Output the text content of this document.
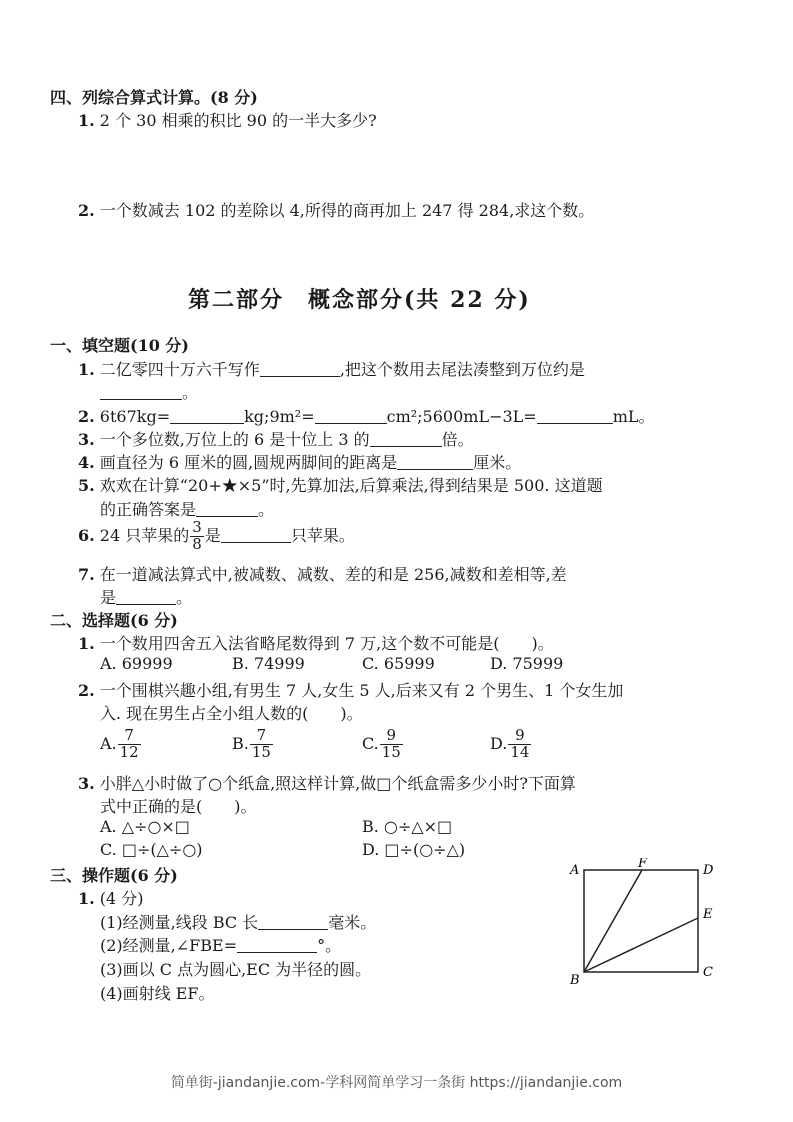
四、列综合算式计算。(8 分)
1. 2 个 30 相乘的积比 90 的一半大多少?
2. 一个数减去 102 的差除以 4,所得的商再加上 247 得 284,求这个数。
第二部分　概念部分(共 22 分)
一、填空题(10 分)
1. 二亿零四十万六千写作	,把这个数用去尾法凑整到万位约是
。
2. 6t67kg=	kg;9m²=	cm²;5600mL−3L=	mL。
3. 一个多位数,万位上的 6 是十位上 3 的	倍。
4. 画直径为 6 厘米的圆,圆规两脚间的距离是	厘米。
5. 欢欢在计算“20+★×5”时,先算加法,后算乘法,得到结果是 500. 这道题
的正确答案是	。
6. 24 只苹果的 $\frac{3}{8}$ 是	只苹果。
7. 在一道减法算式中,被减数、减数、差的和是 256,减数和差相等,差
是	。
二、选择题(6 分)
1. 一个数用四舍五入法省略尾数得到 7 万,这个数不可能是(　　)。
A. 69999	B. 74999	C. 65999	D. 75999
2. 一个围棋兴趣小组,有男生 7 人,女生 5 人,后来又有 2 个男生、1 个女生加
入. 现在男生占全小组人数的(　　)。
A. $\frac{7}{12}$	B. $\frac{7}{15}$	C. $\frac{9}{15}$	D. $\frac{9}{14}$
3. 小胖△小时做了○个纸盒,照这样计算,做□个纸盒需多少小时?下面算
式中正确的是(　　)。
A. △÷○×□	B. ○÷△×□
C. □÷(△÷○)	D. □÷(○÷△)
三、操作题(6 分)
1. (4 分)
(1)经测量,线段 BC 长	毫米。
(2)经测量,∠FBE=	°。
(3)画以 C 点为圆心,EC 为半径的圆。
(4)画射线 EF。
A	F	D
E
B
C
简单街-jiandanjie.com-学科网简单学习一条街 https://jiandanjie.com
